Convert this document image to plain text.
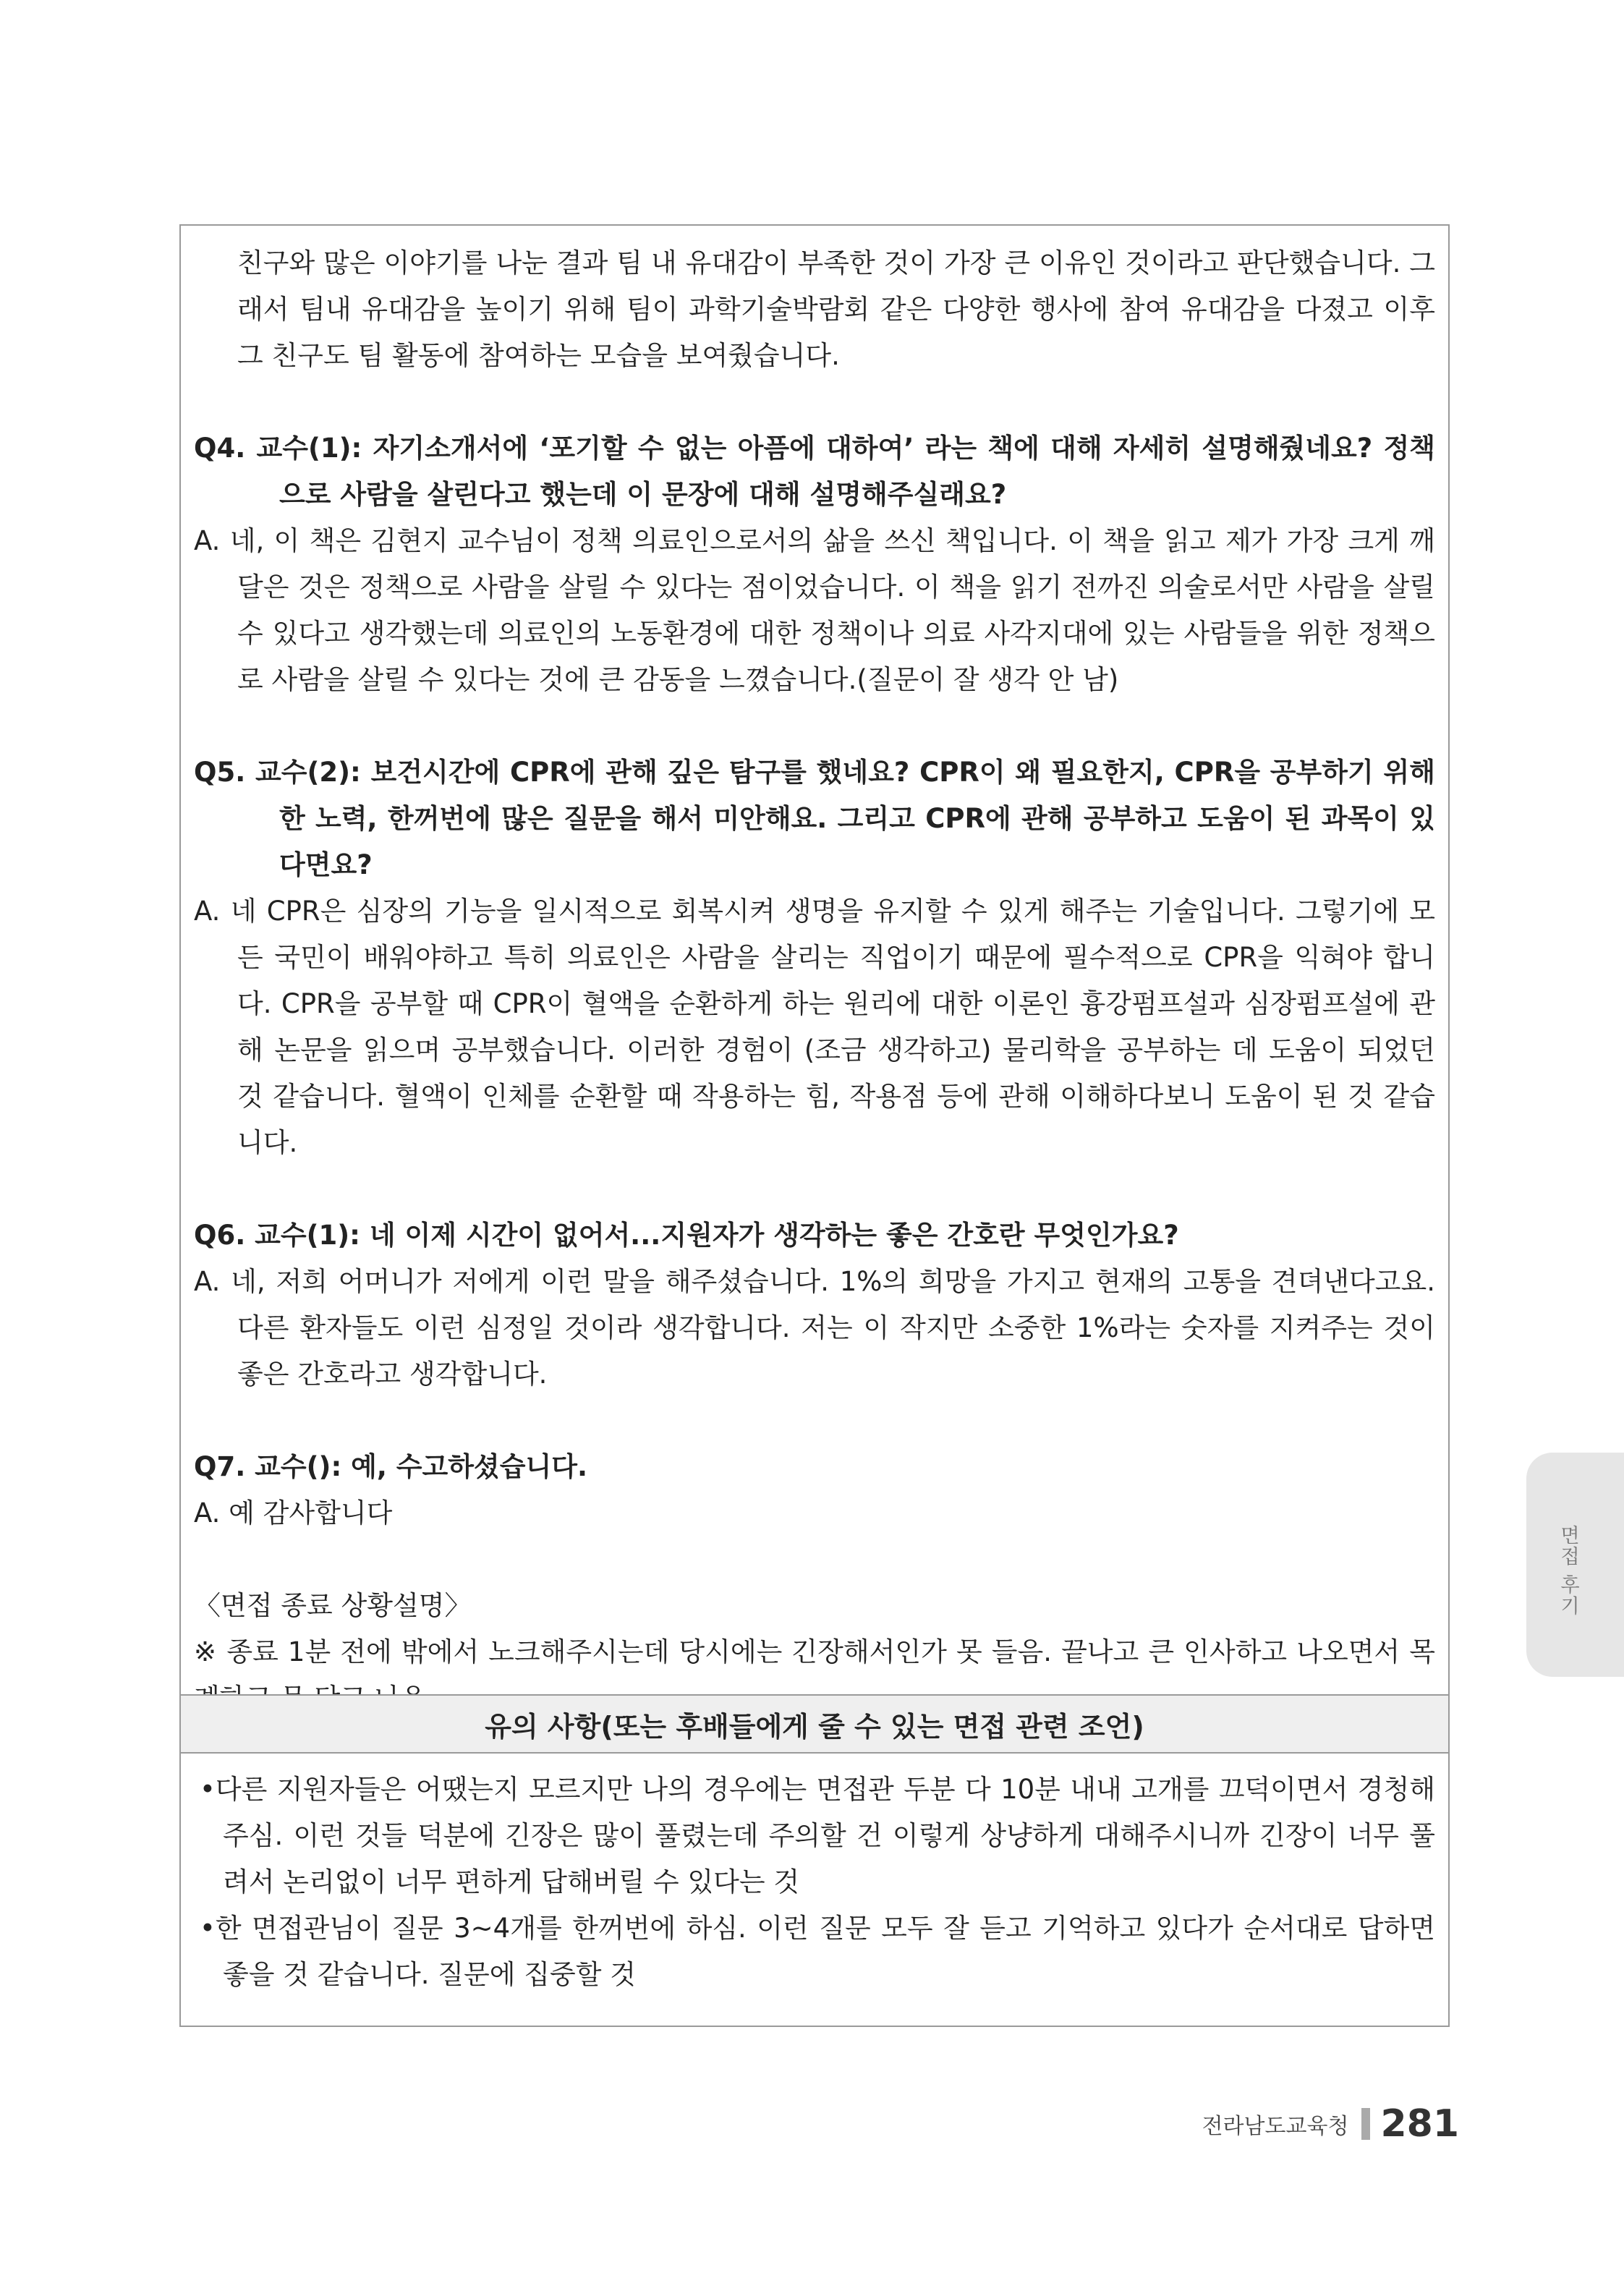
친구와 많은 이야기를 나눈 결과 팀 내 유대감이 부족한 것이 가장 큰 이유인 것이라고 판단했습니다. 그래서 팀내 유대감을 높이기 위해 팀이 과학기술박람회 같은 다양한 행사에 참여 유대감을 다졌고 이후 그 친구도 팀 활동에 참여하는 모습을 보여줬습니다.

Q4. 교수(1): 자기소개서에 ‘포기할 수 없는 아픔에 대하여’ 라는 책에 대해 자세히 설명해줬네요? 정책으로 사람을 살린다고 했는데 이 문장에 대해 설명해주실래요?

A. 네, 이 책은 김현지 교수님이 정책 의료인으로서의 삶을 쓰신 책입니다. 이 책을 읽고 제가 가장 크게 깨달은 것은 정책으로 사람을 살릴 수 있다는 점이었습니다. 이 책을 읽기 전까진 의술로서만 사람을 살릴 수 있다고 생각했는데 의료인의 노동환경에 대한 정책이나 의료 사각지대에 있는 사람들을 위한 정책으로 사람을 살릴 수 있다는 것에 큰 감동을 느꼈습니다.(질문이 잘 생각 안 남)

Q5. 교수(2): 보건시간에 CPR에 관해 깊은 탐구를 했네요? CPR이 왜 필요한지, CPR을 공부하기 위해 한 노력, 한꺼번에 많은 질문을 해서 미안해요. 그리고 CPR에 관해 공부하고 도움이 된 과목이 있다면요?

A. 네 CPR은 심장의 기능을 일시적으로 회복시켜 생명을 유지할 수 있게 해주는 기술입니다. 그렇기에 모든 국민이 배워야하고 특히 의료인은 사람을 살리는 직업이기 때문에 필수적으로 CPR을 익혀야 합니다. CPR을 공부할 때 CPR이 혈액을 순환하게 하는 원리에 대한 이론인 흉강펌프설과 심장펌프설에 관해 논문을 읽으며 공부했습니다. 이러한 경험이 (조금 생각하고) 물리학을 공부하는 데 도움이 되었던 것 같습니다. 혈액이 인체를 순환할 때 작용하는 힘, 작용점 등에 관해 이해하다보니 도움이 된 것 같습니다.

Q6. 교수(1): 네 이제 시간이 없어서...지원자가 생각하는 좋은 간호란 무엇인가요?

A. 네, 저희 어머니가 저에게 이런 말을 해주셨습니다. 1%의 희망을 가지고 현재의 고통을 견뎌낸다고요. 다른 환자들도 이런 심정일 것이라 생각합니다. 저는 이 작지만 소중한 1%라는 숫자를 지켜주는 것이 좋은 간호라고 생각합니다.

Q7. 교수(): 예, 수고하셨습니다.

A. 예 감사합니다

〈면접 종료 상황설명〉

※ 종료 1분 전에 밖에서 노크해주시는데 당시에는 긴장해서인가 못 들음. 끝나고 큰 인사하고 나오면서 목

유의 사항(또는 후배들에게 줄 수 있는 면접 관련 조언)

•다른 지원자들은 어땠는지 모르지만 나의 경우에는 면접관 두분 다 10분 내내 고개를 끄덕이면서 경청해주심. 이런 것들 덕분에 긴장은 많이 풀렸는데 주의할 건 이렇게 상냥하게 대해주시니까 긴장이 너무 풀려서 논리없이 너무 편하게 답해버릴 수 있다는 것

•한 면접관님이 질문 3~4개를 한꺼번에 하심. 이런 질문 모두 잘 듣고 기억하고 있다가 순서대로 답하면 좋을 것 같습니다. 질문에 집중할 것

면접 후기
전라남도교육청 281
